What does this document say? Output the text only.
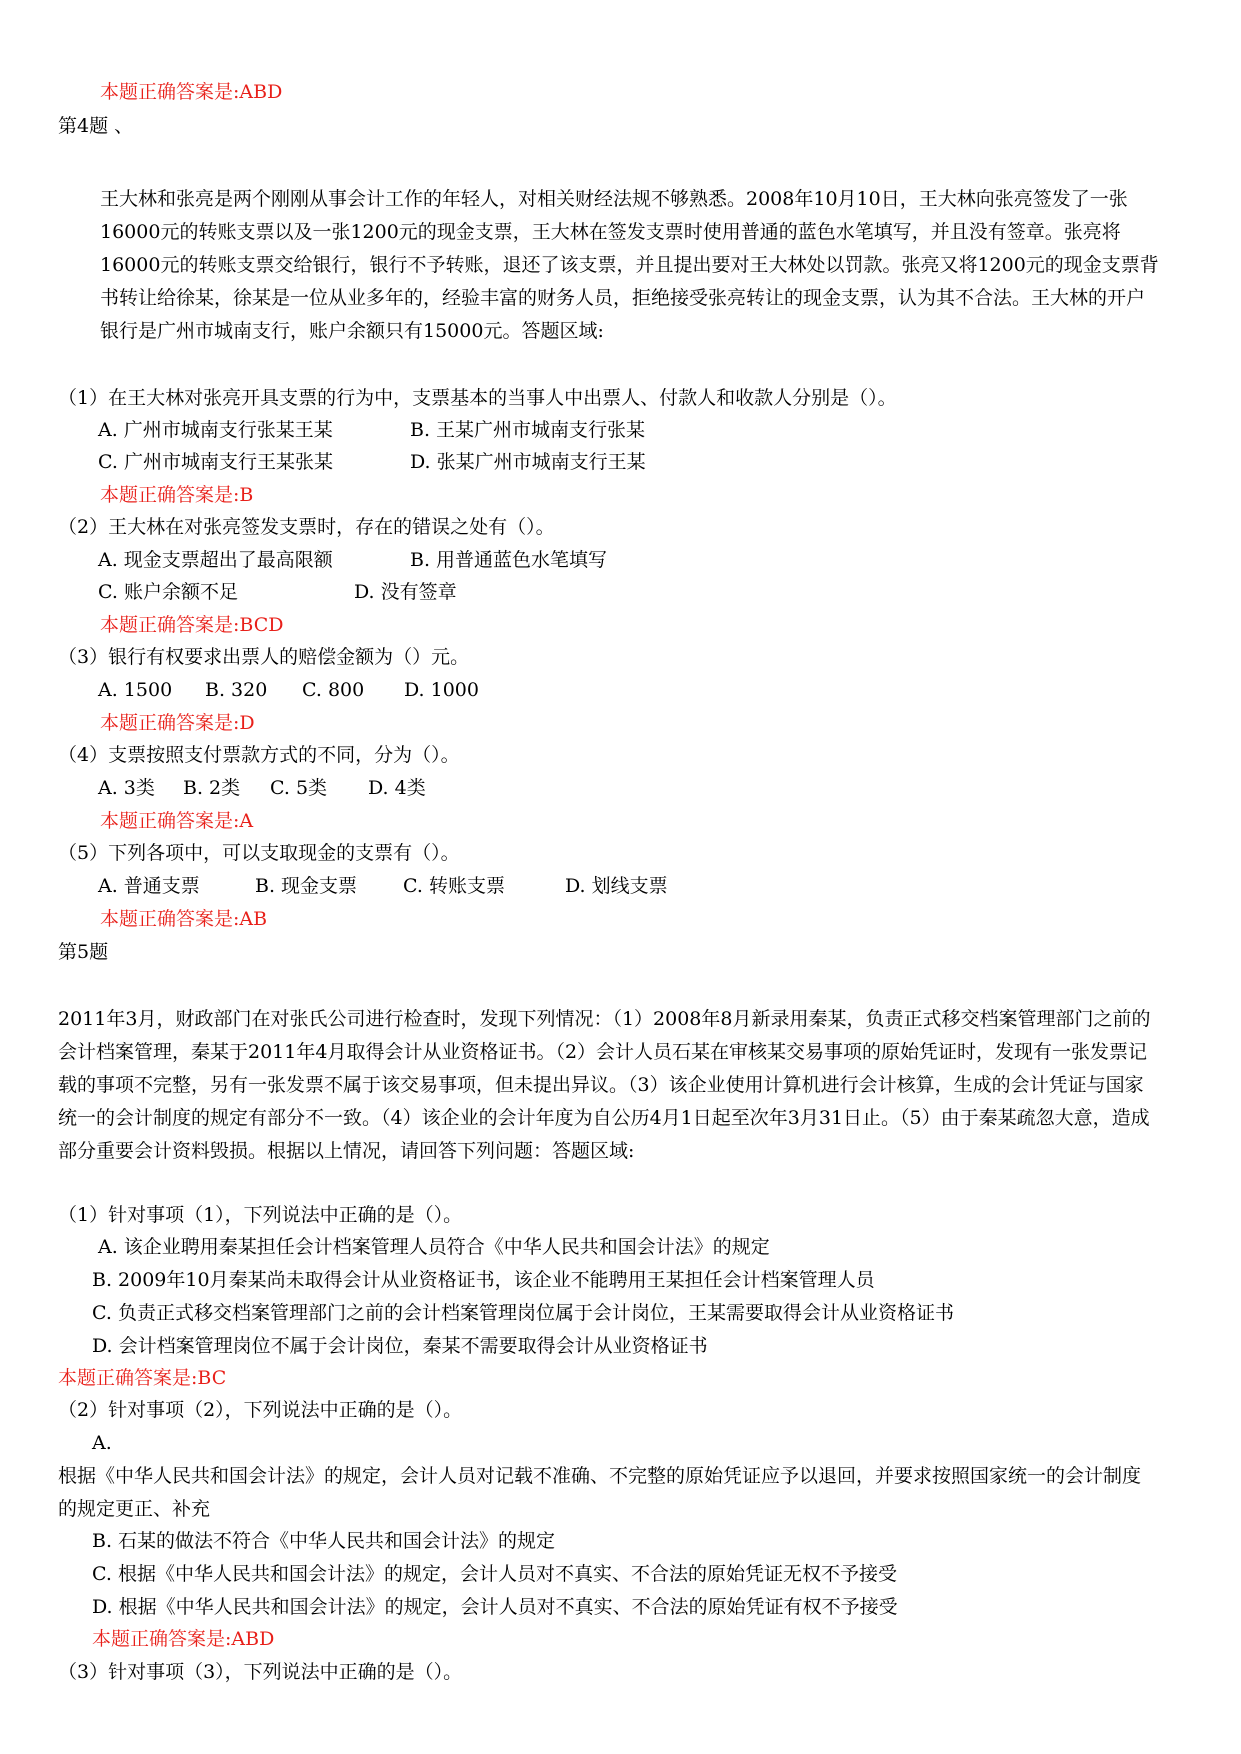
本题正确答案是:ABD
第4题 、
王大林和张亮是两个刚刚从事会计工作的年轻人，对相关财经法规不够熟悉。2008年10月10日，王大林向张亮签发了一张16000元的转账支票以及一张1200元的现金支票，王大林在签发支票时使用普通的蓝色水笔填写，并且没有签章。张亮将16000元的转账支票交给银行，银行不予转账，退还了该支票，并且提出要对王大林处以罚款。张亮又将1200元的现金支票背书转让给徐某，徐某是一位从业多年的，经验丰富的财务人员，拒绝接受张亮转让的现金支票，认为其不合法。王大林的开户银行是广州市城南支行，账户余额只有15000元。答题区域:
（1）在王大林对张亮开具支票的行为中，支票基本的当事人中出票人、付款人和收款人分别是（）。
A. 广州市城南支行张某王某	B. 王某广州市城南支行张某
C. 广州市城南支行王某张某	D. 张某广州市城南支行王某
本题正确答案是:B
（2）王大林在对张亮签发支票时，存在的错误之处有（）。
A. 现金支票超出了最高限额	B. 用普通蓝色水笔填写
C. 账户余额不足	D. 没有签章
本题正确答案是:BCD
（3）银行有权要求出票人的赔偿金额为（）元。
A. 1500 B. 320 C. 800 D. 1000
本题正确答案是:D
（4）支票按照支付票款方式的不同，分为（）。
A. 3类 B. 2类 C. 5类 D. 4类
本题正确答案是:A
（5）下列各项中，可以支取现金的支票有（）。
A. 普通支票	B. 现金支票 C. 转账支票	D. 划线支票
本题正确答案是:AB
第5题
2011年3月，财政部门在对张氏公司进行检查时，发现下列情况：（1）2008年8月新录用秦某，负责正式移交档案管理部门之前的会计档案管理，秦某于2011年4月取得会计从业资格证书。（2）会计人员石某在审核某交易事项的原始凭证时，发现有一张发票记载的事项不完整，另有一张发票不属于该交易事项，但未提出异议。（3）该企业使用计算机进行会计核算，生成的会计凭证与国家统一的会计制度的规定有部分不一致。（4）该企业的会计年度为自公历4月1日起至次年3月31日止。（5）由于秦某疏忽大意，造成部分重要会计资料毁损。根据以上情况，请回答下列问题：答题区域:
（1）针对事项（1），下列说法中正确的是（）。
A. 该企业聘用秦某担任会计档案管理人员符合《中华人民共和国会计法》的规定
B. 2009年10月秦某尚未取得会计从业资格证书，该企业不能聘用王某担任会计档案管理人员
C. 负责正式移交档案管理部门之前的会计档案管理岗位属于会计岗位，王某需要取得会计从业资格证书
D. 会计档案管理岗位不属于会计岗位，秦某不需要取得会计从业资格证书
本题正确答案是:BC
（2）针对事项（2），下列说法中正确的是（）。
A.
根据《中华人民共和国会计法》的规定，会计人员对记载不准确、不完整的原始凭证应予以退回，并要求按照国家统一的会计制度的规定更正、补充
B. 石某的做法不符合《中华人民共和国会计法》的规定
C. 根据《中华人民共和国会计法》的规定，会计人员对不真实、不合法的原始凭证无权不予接受
D. 根据《中华人民共和国会计法》的规定，会计人员对不真实、不合法的原始凭证有权不予接受
本题正确答案是:ABD
（3）针对事项（3），下列说法中正确的是（）。
